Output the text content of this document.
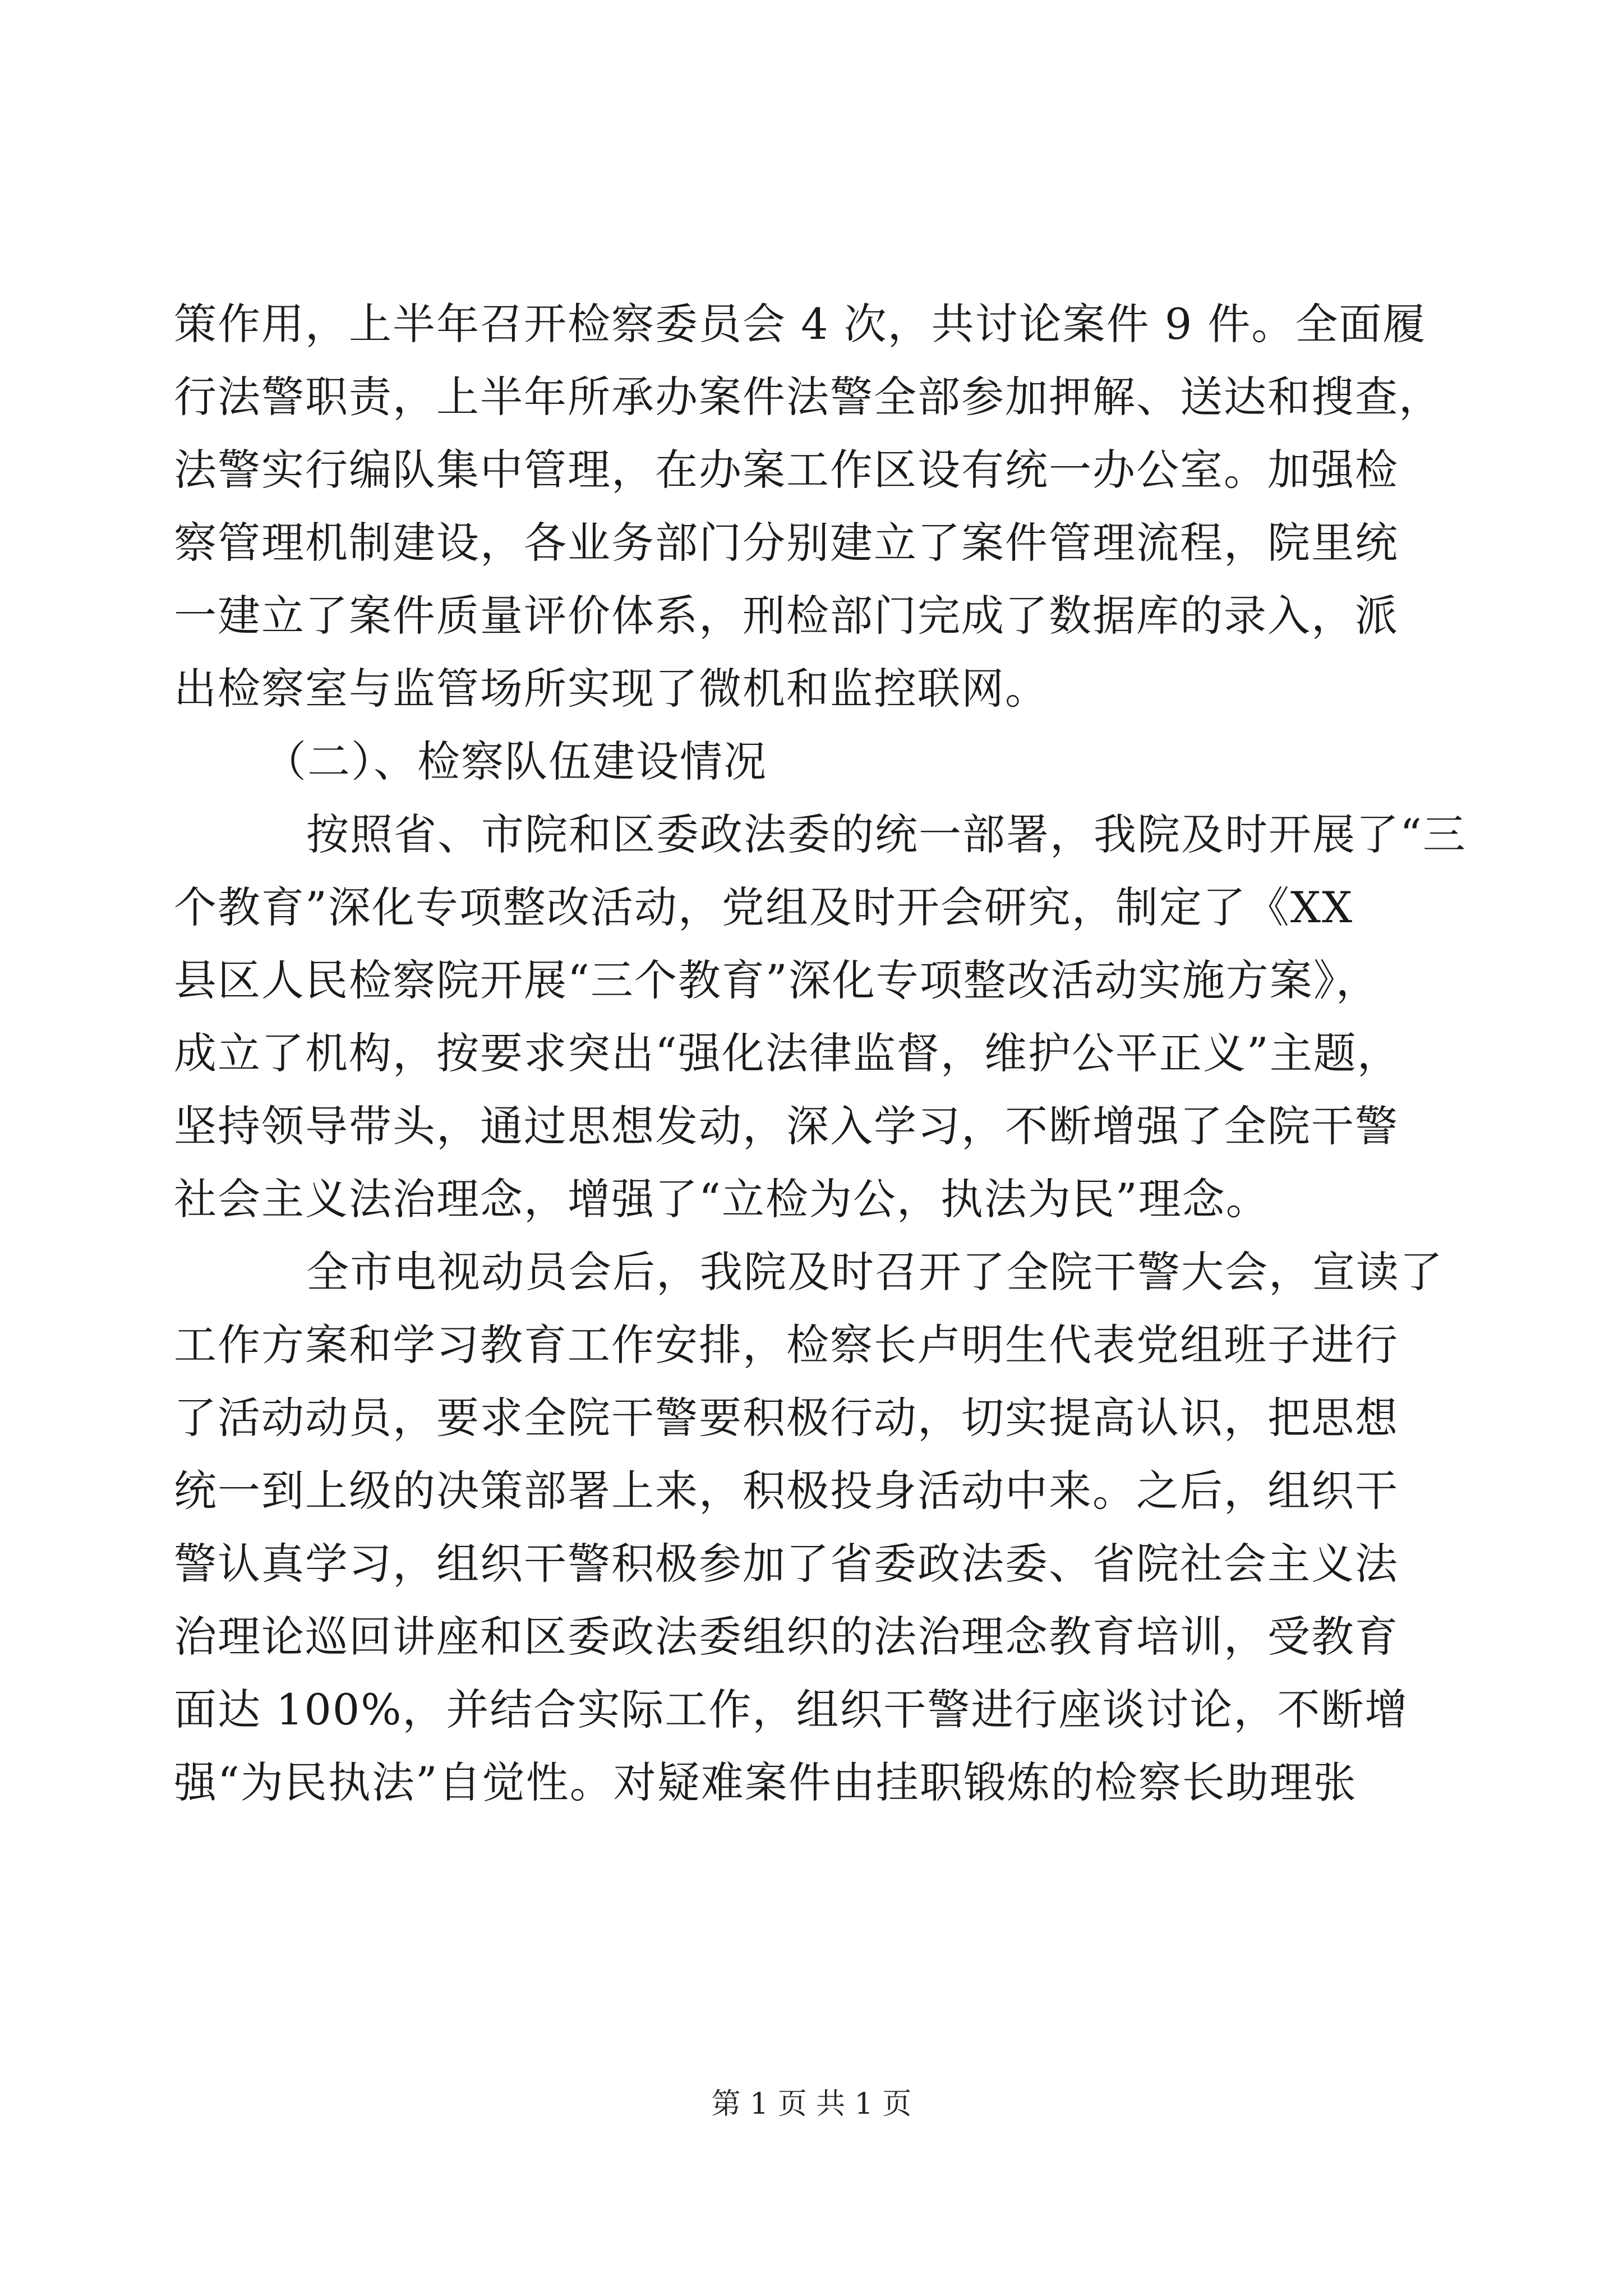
策作用，上半年召开检察委员会 4 次，共讨论案件 9 件。全面履
行法警职责，上半年所承办案件法警全部参加押解、送达和搜查，
法警实行编队集中管理，在办案工作区设有统一办公室。加强检
察管理机制建设，各业务部门分别建立了案件管理流程，院里统
一建立了案件质量评价体系，刑检部门完成了数据库的录入，派
出检察室与监管场所实现了微机和监控联网。
（二）、检察队伍建设情况
按照省、市院和区委政法委的统一部署，我院及时开展了“三
个教育”深化专项整改活动，党组及时开会研究，制定了《XX
县区人民检察院开展“三个教育”深化专项整改活动实施方案》，
成立了机构，按要求突出“强化法律监督，维护公平正义”主题，
坚持领导带头，通过思想发动，深入学习，不断增强了全院干警
社会主义法治理念，增强了“立检为公，执法为民”理念。
全市电视动员会后，我院及时召开了全院干警大会，宣读了
工作方案和学习教育工作安排，检察长卢明生代表党组班子进行
了活动动员，要求全院干警要积极行动，切实提高认识，把思想
统一到上级的决策部署上来，积极投身活动中来。之后，组织干
警认真学习，组织干警积极参加了省委政法委、省院社会主义法
治理论巡回讲座和区委政法委组织的法治理念教育培训，受教育
面达 100%，并结合实际工作，组织干警进行座谈讨论，不断增
强“为民执法”自觉性。对疑难案件由挂职锻炼的检察长助理张
第 1 页 共 1 页
